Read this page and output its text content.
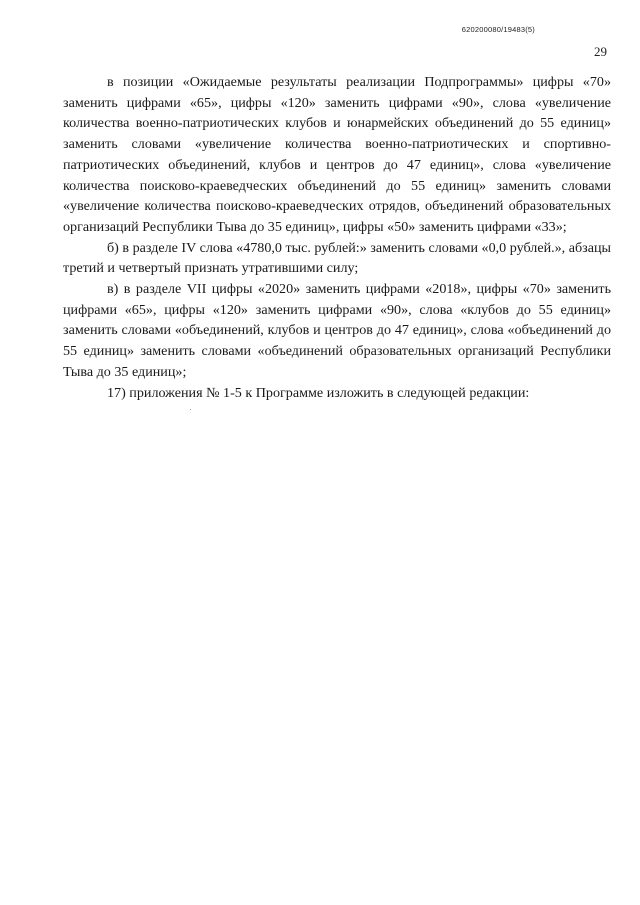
620200080/19483(5)
29

в позиции «Ожидаемые результаты реализации Подпрограммы» цифры «70» заменить цифрами «65», цифры «120» заменить цифрами «90», слова «увеличение количества военно-патриотических клубов и юнармейских объединений до 55 единиц» заменить словами «увеличение количества военно-патриотических и спортивно-патриотических объединений, клубов и центров до 47 единиц», слова «увеличение количества поисково-краеведческих объединений до 55 единиц» заменить словами «увеличение количества поисково-краеведческих отрядов, объединений образовательных организаций Республики Тыва до 35 единиц», цифры «50» заменить цифрами «33»;

б) в разделе IV слова «4780,0 тыс. рублей:» заменить словами «0,0 рублей.», абзацы третий и четвертый признать утратившими силу;

в) в разделе VII цифры «2020» заменить цифрами «2018», цифры «70» заменить цифрами «65», цифры «120» заменить цифрами «90», слова «клубов до 55 единиц» заменить словами «объединений, клубов и центров до 47 единиц», слова «объединений до 55 единиц» заменить словами «объединений образовательных организаций Республики Тыва до 35 единиц»;

17) приложения № 1-5 к Программе изложить в следующей редакции:
